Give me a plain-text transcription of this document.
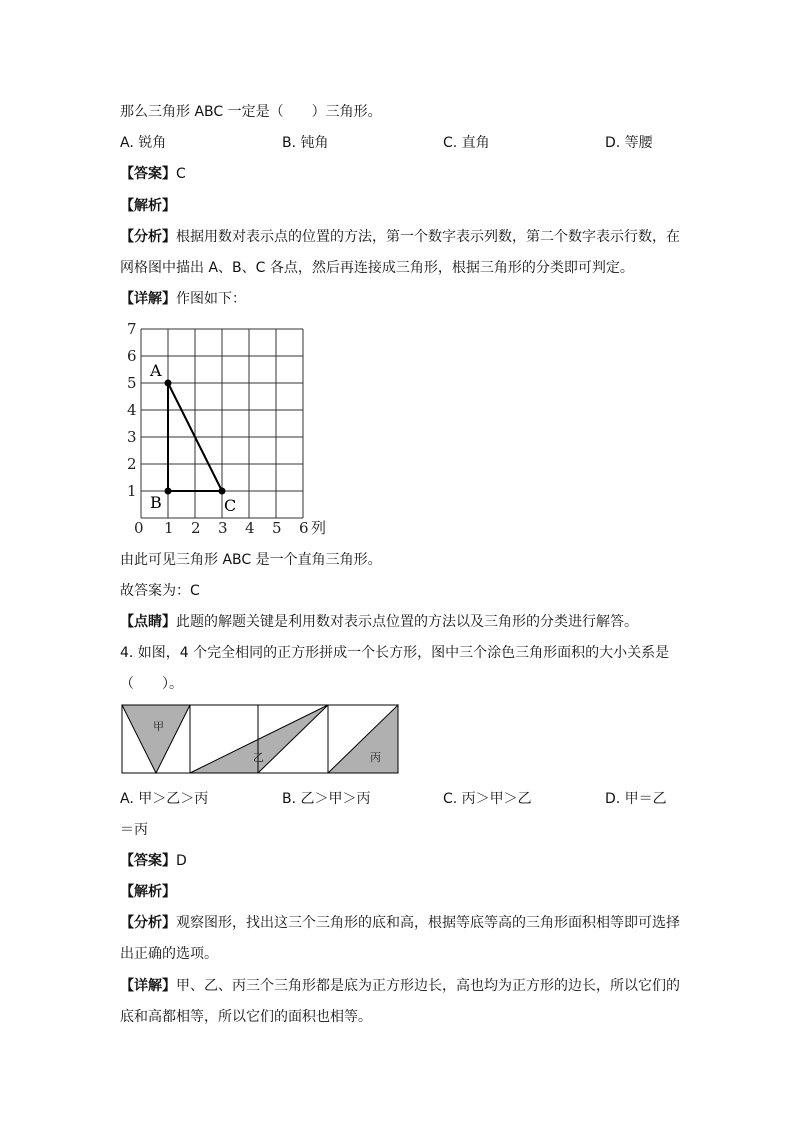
那么三角形 ABC 一定是（　　）三角形。
A. 锐角	B. 钝角	C. 直角	D. 等腰
【答案】C
【解析】
【分析】根据用数对表示点的位置的方法，第一个数字表示列数，第二个数字表示行数，在
网格图中描出 A、B、C 各点，然后再连接成三角形，根据三角形的分类即可判定。
【详解】作图如下：
7
6
5
4
3
2
1
0 1 2 3 4 5 6 列
A
B	C
由此可见三角形 ABC 是一个直角三角形。
故答案为：C
【点睛】此题的解题关键是利用数对表示点位置的方法以及三角形的分类进行解答。
4. 如图，4 个完全相同的正方形拼成一个长方形，图中三个涂色三角形面积的大小关系是
（　　）。
甲
乙	丙
A. 甲＞乙＞丙	B. 乙＞甲＞丙	C. 丙＞甲＞乙	D. 甲＝乙
＝丙
【答案】D
【解析】
【分析】观察图形，找出这三个三角形的底和高，根据等底等高的三角形面积相等即可选择
出正确的选项。
【详解】甲、乙、丙三个三角形都是底为正方形边长，高也均为正方形的边长，所以它们的
底和高都相等，所以它们的面积也相等。
